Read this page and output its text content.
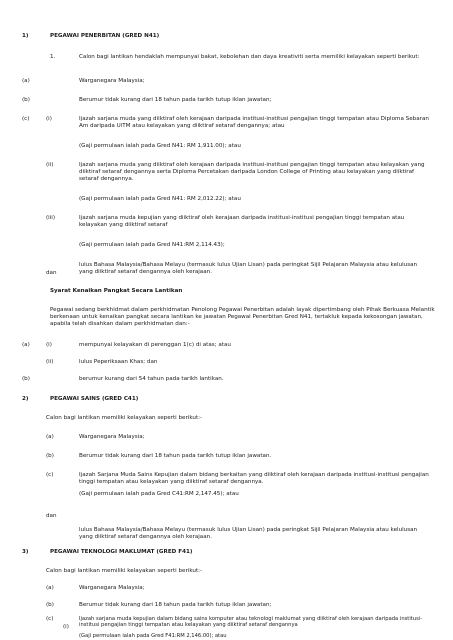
1)	PEGAWAI PENERBITAN (GRED N41)
1.	Calon bagi lantikan hendaklah mempunyai bakat, kebolehan dan daya kreativiti serta memiliki kelayakan seperti berikut:
(a)	Warganegara Malaysia;
(b)	Berumur tidak kurang dari 18 tahun pada tarikh tutup iklan jawatan;
(c)	(i)	Ijazah sarjana muda yang diiktiraf oleh kerajaan daripada institusi-institusi pengajian tinggi tempatan atau Diploma Sebaran Am daripada UiTM atau kelayakan yang diiktiraf setaraf dengannya; atau
(Gaji permulaan ialah pada Gred N41: RM 1,911.00); atau
(ii)	Ijazah sarjana muda yang diiktiraf oleh kerajaan daripada institusi-institusi pengajian tinggi tempatan atau kelayakan yang diiktiraf setaraf dengannya serta Diploma Percetakan daripada London College of Printing atau kelayakan yang diiktiraf setaraf dengannya.
(Gaji permulaan ialah pada Gred N41: RM 2,012.22); atau
(iii)	Ijazah sarjana muda kepujian yang diiktiraf oleh kerajaan daripada institusi-institusi pengajian tinggi tempatan atau kelayakan yang diiktiraf setaraf
(Gaji permulaan ialah pada Gred N41:RM 2,114.43);
lulus Bahasa Malaysia/Bahasa Melayu (termasuk lulus Ujian Lisan) pada peringkat Sijil Pelajaran Malaysia atau kelulusan yang diiktiraf setaraf dengannya oleh kerajaan.
dan
Syarat Kenaikan Pangkat Secara Lantikan
Pegawai sedang berkhidmat dalam perkhidmatan Penolong Pegawai Penerbitan adalah layak dipertimbang oleh Pihak Berkuasa Melantik berkenaan untuk kenaikan pangkat secara lantikan ke jawatan Pegawai Penerbitan Gred N41, tertakluk kepada kekosongan jawatan, apabila telah disahkan dalam perkhidmatan dan:-
(a)	(i)	mempunyai kelayakan di perenggan 1(c) di atas; atau
(ii)	lulus Peperiksaan Khas; dan
(b)	berumur kurang dari 54 tahun pada tarikh lantikan.
2)	PEGAWAI SAINS (GRED C41)
Calon bagi lantikan memiliki kelayakan seperti berikut:-
(a)	Warganegara Malaysia;
(b)	Berumur tidak kurang dari 18 tahun pada tarikh tutup iklan jawatan.
(c)	Ijazah Sarjana Muda Sains Kepujian dalam bidang berkaitan yang diiktiraf oleh kerajaan daripada institusi-institusi pengajian tinggi tempatan atau kelayakan yang diiktiraf setaraf dengannya.
(Gaji permulaan ialah pada Gred C41:RM 2,147.45); atau
dan
lulus Bahasa Malaysia/Bahasa Melayu (termasuk lulus Ujian Lisan) pada peringkat Sijil Pelajaran Malaysia atau kelulusan yang diiktiraf setaraf dengannya oleh kerajaan.
3)	PEGAWAI TEKNOLOGI MAKLUMAT (GRED F41)
Calon bagi lantikan memiliki kelayakan seperti berikut:-
(a)	Warganegara Malaysia;
(b)	Berumur tidak kurang dari 18 tahun pada tarikh tutup iklan jawatan;
(c)
(i)
Ijazah sarjana muda kepujian dalam bidang sains komputer atau teknologi maklumat yang diiktiraf oleh kerajaan daripada institusi-institusi pengajian tinggi tempatan atau kelayakan yang diiktiraf setaraf dengannya
(Gaji permulaan ialah pada Gred F41:RM 2,146.00); atau
